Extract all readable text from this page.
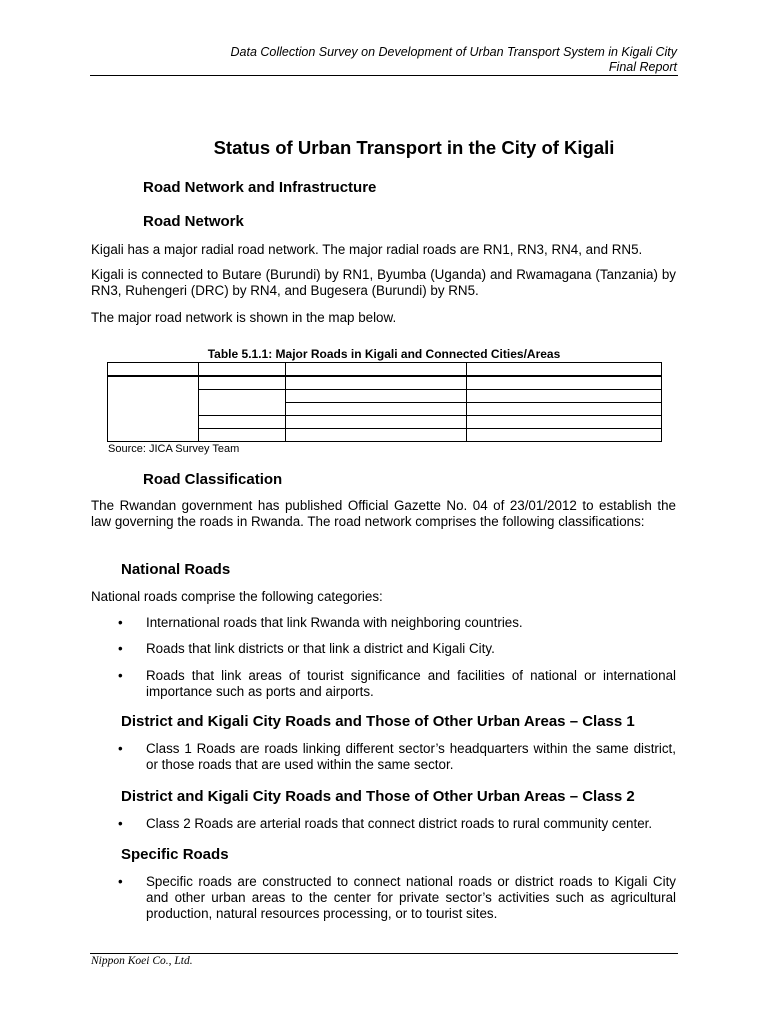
Data Collection Survey on Development of Urban Transport System in Kigali City
Final Report
Status of Urban Transport in the City of Kigali
Road Network and Infrastructure
Road Network
Kigali has a major radial road network. The major radial roads are RN1, RN3, RN4, and RN5.
Kigali is connected to Butare (Burundi) by RN1, Byumba (Uganda) and Rwamagana (Tanzania) by RN3, Ruhengeri (DRC) by RN4, and Bugesera (Burundi) by RN5.
The major road network is shown in the map below.
Table 5.1.1: Major Roads in Kigali and Connected Cities/Areas

Source: JICA Survey Team
Road Classification
The Rwandan government has published Official Gazette No. 04 of 23/01/2012 to establish the law governing the roads in Rwanda. The road network comprises the following classifications:
National Roads
National roads comprise the following categories:
• International roads that link Rwanda with neighboring countries.
• Roads that link districts or that link a district and Kigali City.
• Roads that link areas of tourist significance and facilities of national or international importance such as ports and airports.
District and Kigali City Roads and Those of Other Urban Areas – Class 1
• Class 1 Roads are roads linking different sector’s headquarters within the same district, or those roads that are used within the same sector.
District and Kigali City Roads and Those of Other Urban Areas – Class 2
• Class 2 Roads are arterial roads that connect district roads to rural community center.
Specific Roads
• Specific roads are constructed to connect national roads or district roads to Kigali City and other urban areas to the center for private sector’s activities such as agricultural production, natural resources processing, or to tourist sites.
Nippon Koei Co., Ltd.
